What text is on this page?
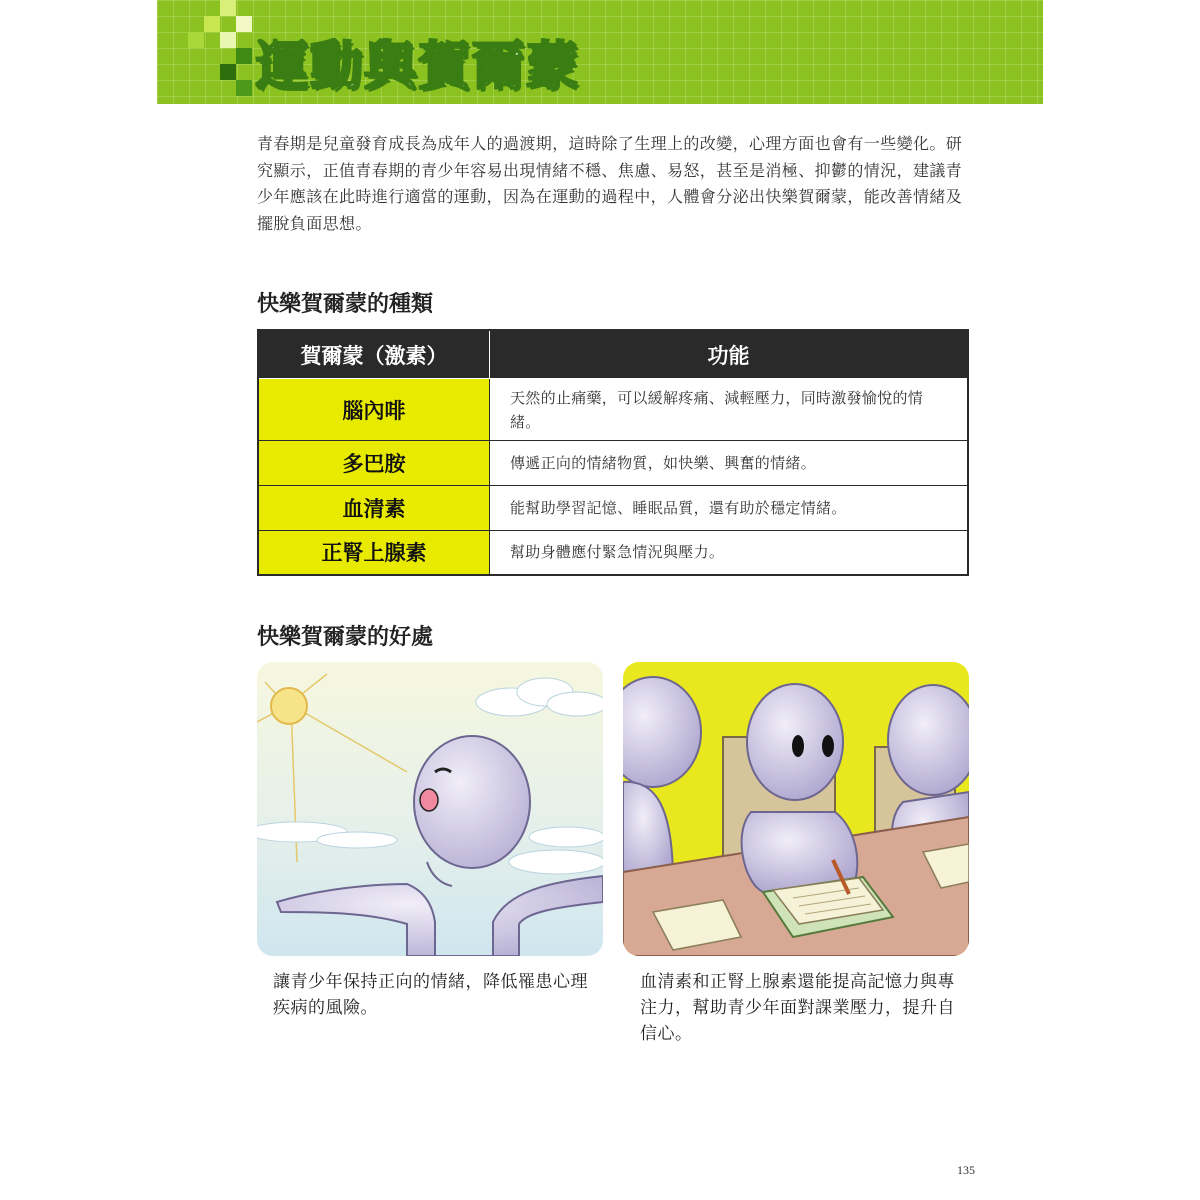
運動與賀爾蒙
青春期是兒童發育成長為成年人的過渡期，這時除了生理上的改變，心理方面也會有一些變化。研究顯示，正值青春期的青少年容易出現情緒不穩、焦慮、易怒，甚至是消極、抑鬱的情況，建議青少年應該在此時進行適當的運動，因為在運動的過程中，人體會分泌出快樂賀爾蒙，能改善情緒及擺脫負面思想。
快樂賀爾蒙的種類
賀爾蒙（激素）	功能
腦內啡	天然的止痛藥，可以緩解疼痛、減輕壓力，同時激發愉悅的情緒。
多巴胺	傳遞正向的情緒物質，如快樂、興奮的情緒。
血清素	能幫助學習記憶、睡眠品質，還有助於穩定情緒。
正腎上腺素	幫助身體應付緊急情況與壓力。
快樂賀爾蒙的好處
讓青少年保持正向的情緒，降低罹患心理疾病的風險。
血清素和正腎上腺素還能提高記憶力與專注力，幫助青少年面對課業壓力，提升自信心。
135
